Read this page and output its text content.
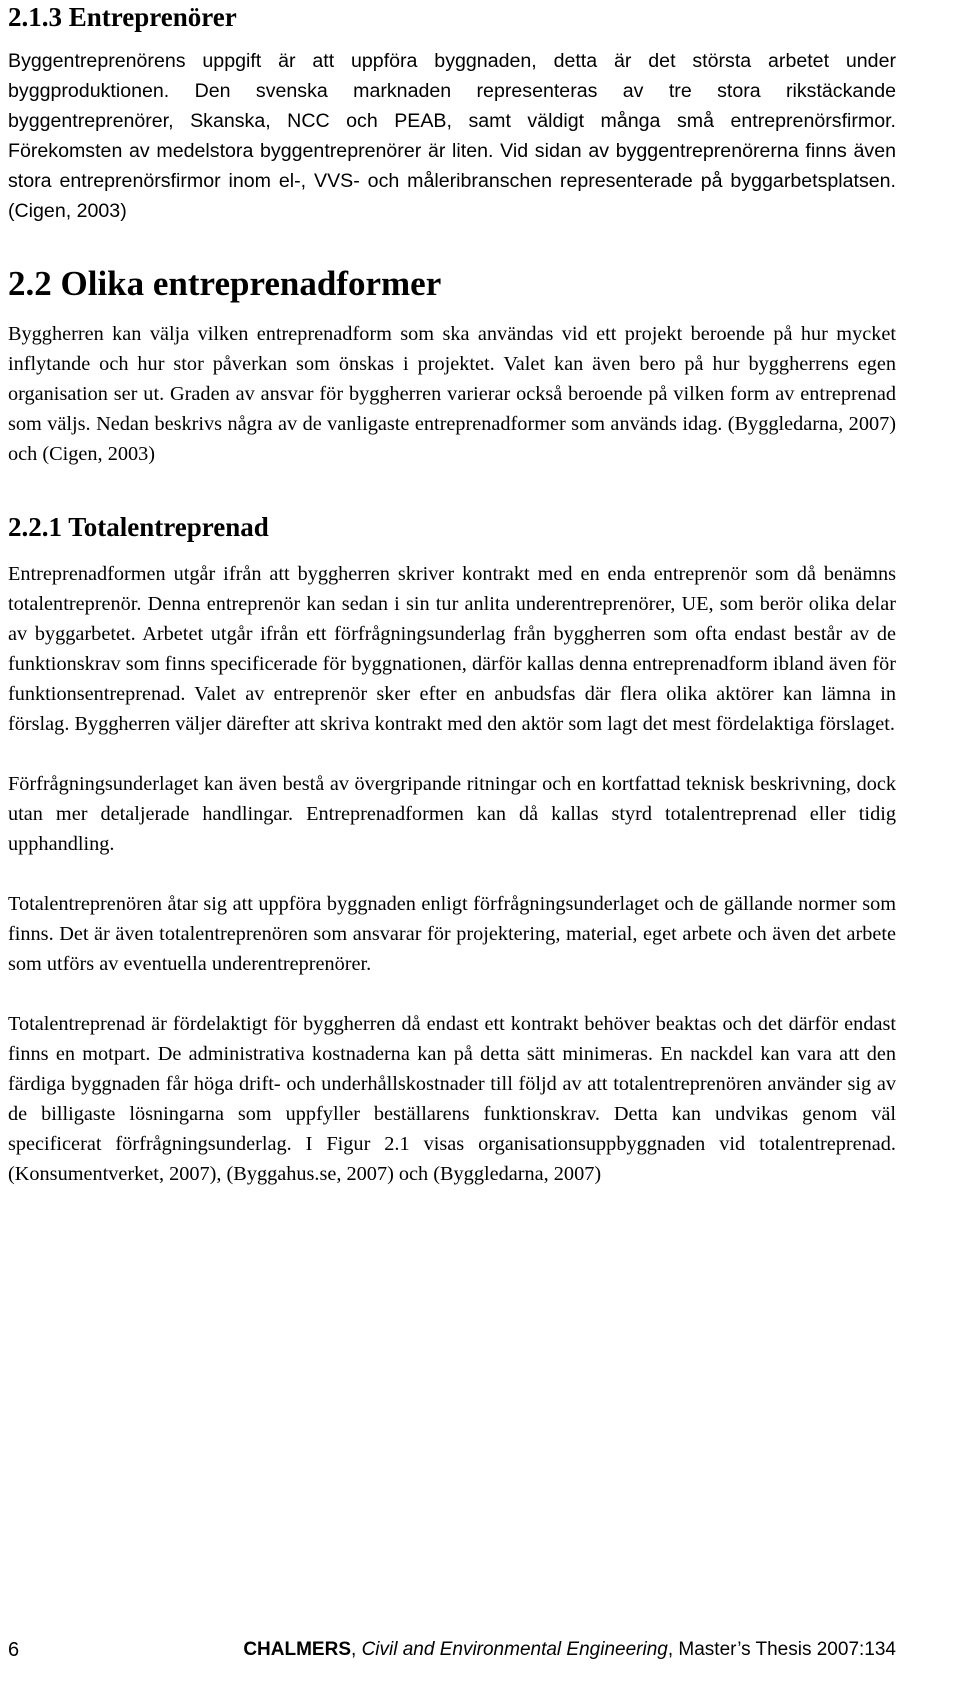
2.1.3 Entreprenörer

Byggentreprenörens uppgift är att uppföra byggnaden, detta är det största arbetet under byggproduktionen. Den svenska marknaden representeras av tre stora rikstäckande byggentreprenörer, Skanska, NCC och PEAB, samt väldigt många små entreprenörsfirmor. Förekomsten av medelstora byggentreprenörer är liten. Vid sidan av byggentreprenörerna finns även stora entreprenörsfirmor inom el-, VVS- och måleribranschen representerade på byggarbetsplatsen. (Cigen, 2003)

2.2 Olika entreprenadformer

Byggherren kan välja vilken entreprenadform som ska användas vid ett projekt beroende på hur mycket inflytande och hur stor påverkan som önskas i projektet. Valet kan även bero på hur byggherrens egen organisation ser ut. Graden av ansvar för byggherren varierar också beroende på vilken form av entreprenad som väljs. Nedan beskrivs några av de vanligaste entreprenadformer som används idag. (Byggledarna, 2007) och (Cigen, 2003)

2.2.1 Totalentreprenad

Entreprenadformen utgår ifrån att byggherren skriver kontrakt med en enda entreprenör som då benämns totalentreprenör. Denna entreprenör kan sedan i sin tur anlita underentreprenörer, UE, som berör olika delar av byggarbetet. Arbetet utgår ifrån ett förfrågningsunderlag från byggherren som ofta endast består av de funktionskrav som finns specificerade för byggnationen, därför kallas denna entreprenadform ibland även för funktionsentreprenad. Valet av entreprenör sker efter en anbudsfas där flera olika aktörer kan lämna in förslag. Byggherren väljer därefter att skriva kontrakt med den aktör som lagt det mest fördelaktiga förslaget.

Förfrågningsunderlaget kan även bestå av övergripande ritningar och en kortfattad teknisk beskrivning, dock utan mer detaljerade handlingar. Entreprenadformen kan då kallas styrd totalentreprenad eller tidig upphandling.

Totalentreprenören åtar sig att uppföra byggnaden enligt förfrågningsunderlaget och de gällande normer som finns. Det är även totalentreprenören som ansvarar för projektering, material, eget arbete och även det arbete som utförs av eventuella underentreprenörer.

Totalentreprenad är fördelaktigt för byggherren då endast ett kontrakt behöver beaktas och det därför endast finns en motpart. De administrativa kostnaderna kan på detta sätt minimeras. En nackdel kan vara att den färdiga byggnaden får höga drift- och underhållskostnader till följd av att totalentreprenören använder sig av de billigaste lösningarna som uppfyller beställarens funktionskrav. Detta kan undvikas genom väl specificerat förfrågningsunderlag. I Figur 2.1 visas organisationsuppbyggnaden vid totalentreprenad. (Konsumentverket, 2007), (Byggahus.se, 2007) och (Byggledarna, 2007)

6	CHALMERS, Civil and Environmental Engineering, Master’s Thesis 2007:134
